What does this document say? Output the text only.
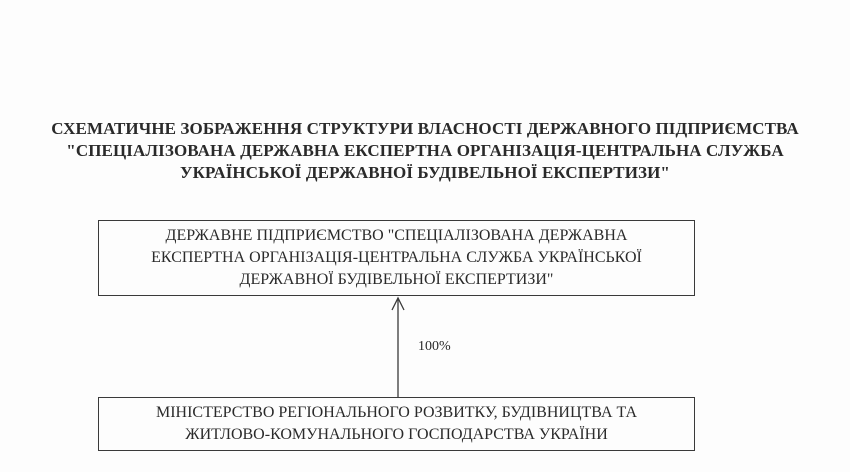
СХЕМАТИЧНЕ ЗОБРАЖЕННЯ СТРУКТУРИ ВЛАСНОСТІ ДЕРЖАВНОГО ПІДПРИЄМСТВА
"СПЕЦІАЛІЗОВАНА ДЕРЖАВНА ЕКСПЕРТНА ОРГАНІЗАЦІЯ-ЦЕНТРАЛЬНА СЛУЖБА
УКРАЇНСЬКОЇ ДЕРЖАВНОЇ БУДІВЕЛЬНОЇ ЕКСПЕРТИЗИ"
ДЕРЖАВНЕ ПІДПРИЄМСТВО "СПЕЦІАЛІЗОВАНА ДЕРЖАВНА
ЕКСПЕРТНА ОРГАНІЗАЦІЯ-ЦЕНТРАЛЬНА СЛУЖБА УКРАЇНСЬКОЇ
ДЕРЖАВНОЇ БУДІВЕЛЬНОЇ ЕКСПЕРТИЗИ"
100%
МІНІСТЕРСТВО РЕГІОНАЛЬНОГО РОЗВИТКУ, БУДІВНИЦТВА ТА
ЖИТЛОВО-КОМУНАЛЬНОГО ГОСПОДАРСТВА УКРАЇНИ
